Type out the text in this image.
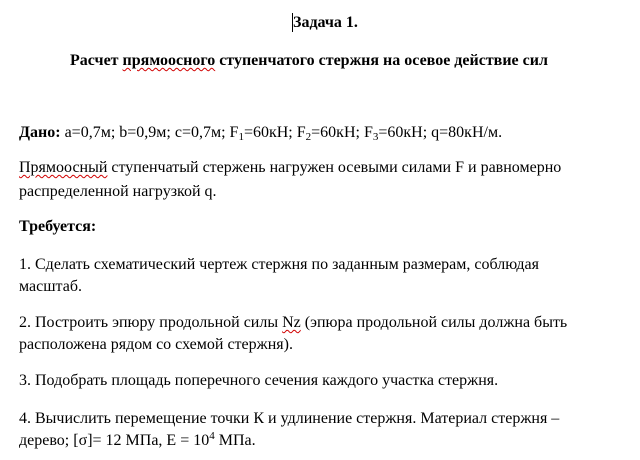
Задача 1.
Расчет прямоосного ступенчатого стержня на осевое действие сил
Дано: a=0,7м; b=0,9м; c=0,7м; $F_1=60кН$; $F_2=60кН$; $F_3=60кН$; q=80кН/м.
Прямоосный ступенчатый стержень нагружен осевыми силами F и равномерно
распределенной нагрузкой q.
Требуется:
1. Сделать схематический чертеж стержня по заданным размерам, соблюдая
масштаб.
2. Построить эпюру продольной силы Nz (эпюра продольной силы должна быть
расположена рядом со схемой стержня).
3. Подобрать площадь поперечного сечения каждого участка стержня.
4. Вычислить перемещение точки К и удлинение стержня. Материал стержня –
дерево; [σ]= 12 МПа, $E = 10^4$ МПа.
